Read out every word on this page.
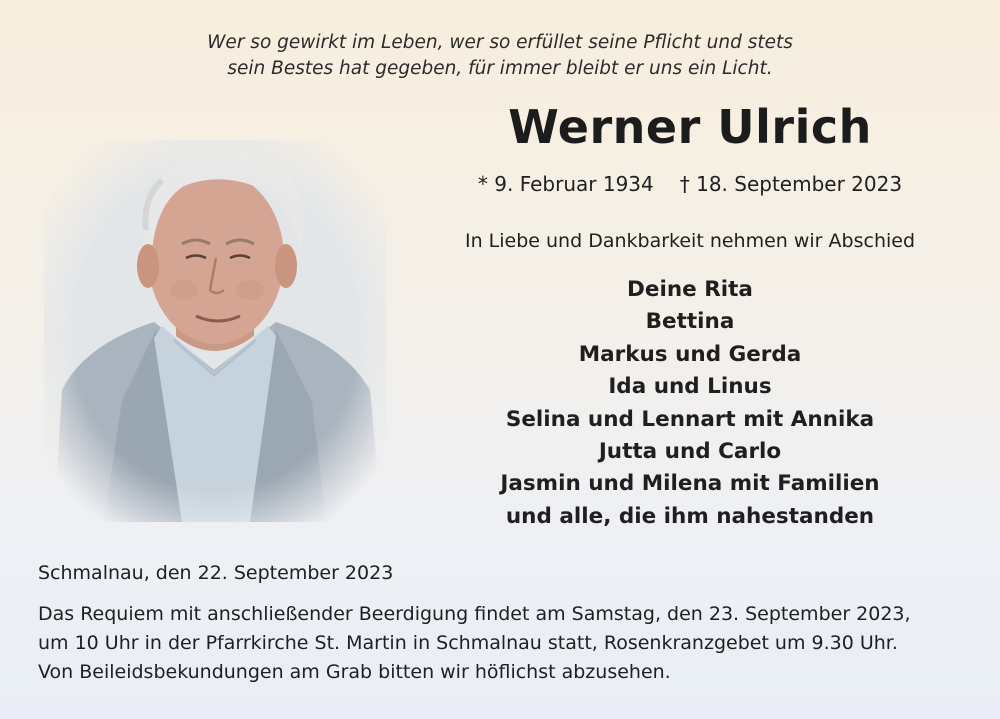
Wer so gewirkt im Leben, wer so erfüllet seine Pflicht und stets
sein Bestes hat gegeben, für immer bleibt er uns ein Licht.
Werner Ulrich
* 9. Februar 1934 † 18. September 2023
In Liebe und Dankbarkeit nehmen wir Abschied
Deine Rita
Bettina
Markus und Gerda
Ida und Linus
Selina und Lennart mit Annika
Jutta und Carlo
Jasmin und Milena mit Familien
und alle, die ihm nahestanden
Schmalnau, den 22. September 2023
Das Requiem mit anschließender Beerdigung findet am Samstag, den 23. September 2023,
um 10 Uhr in der Pfarrkirche St. Martin in Schmalnau statt, Rosenkranzgebet um 9.30 Uhr.
Von Beileidsbekundungen am Grab bitten wir höflichst abzusehen.
